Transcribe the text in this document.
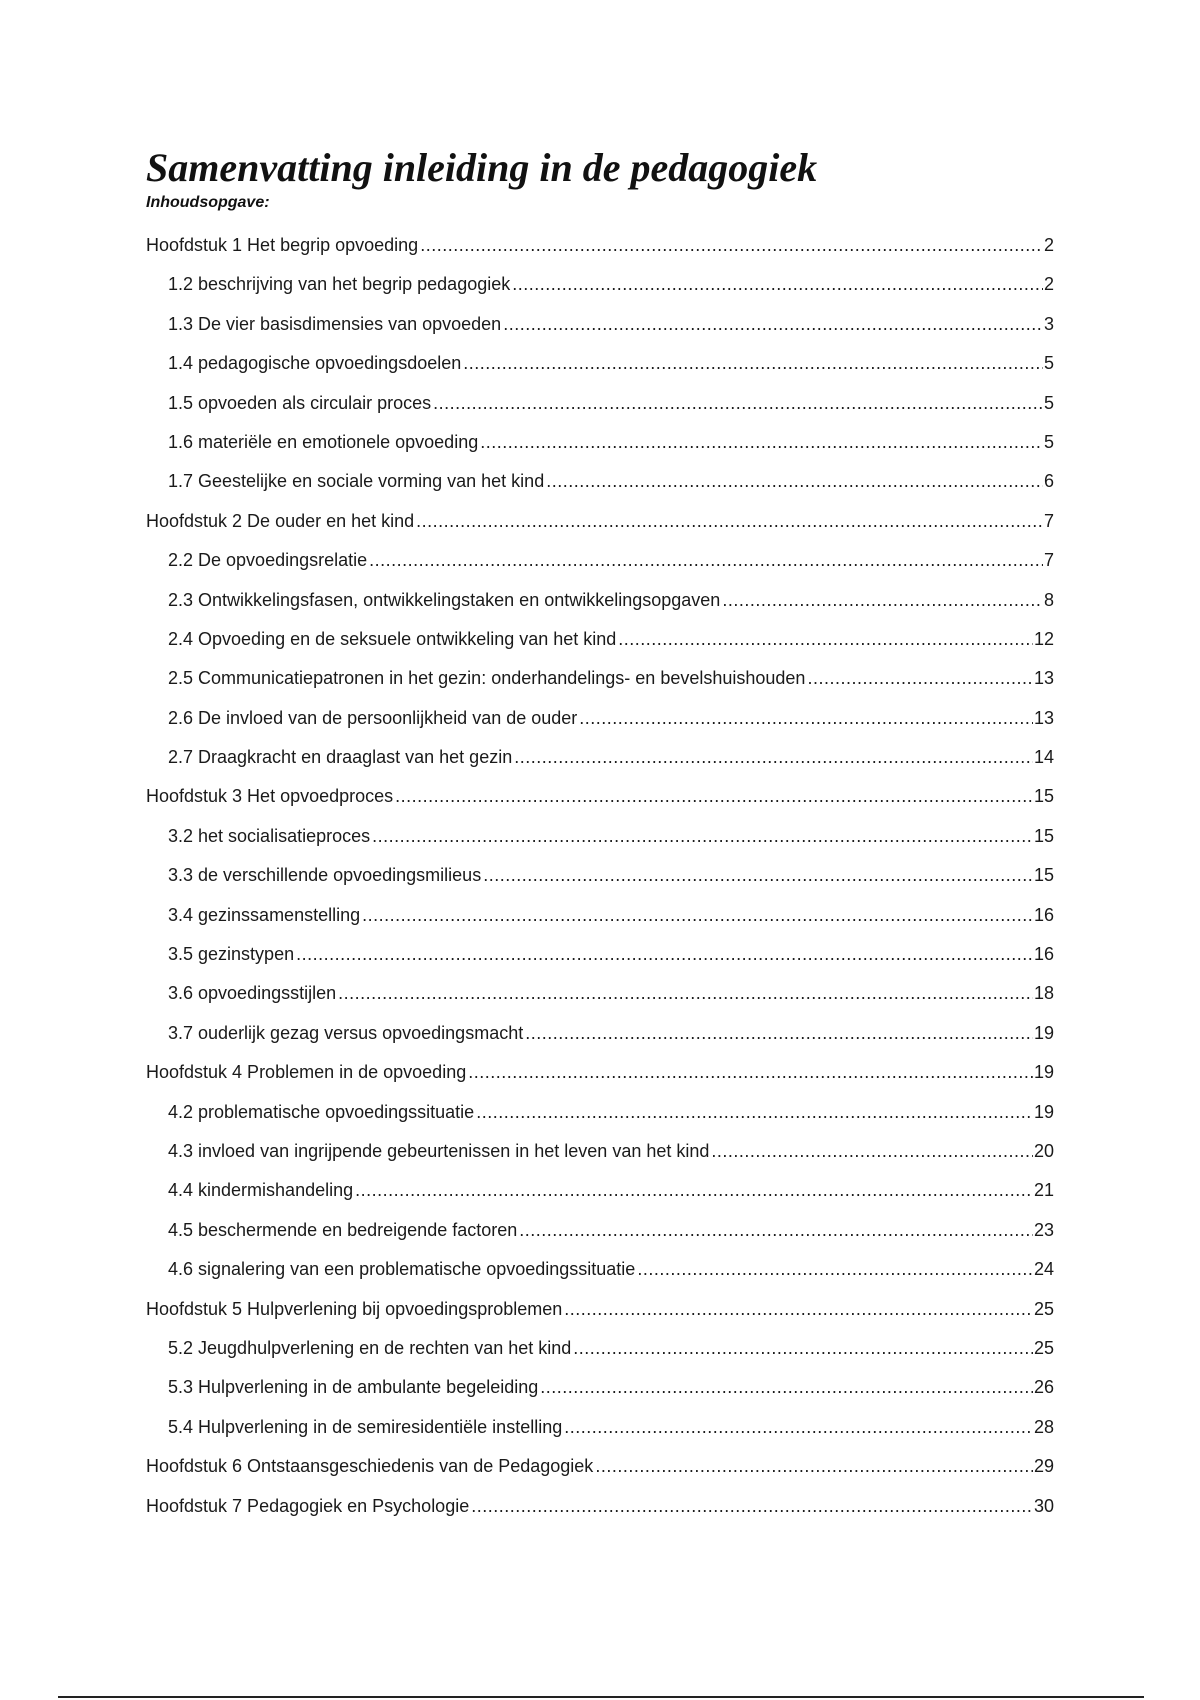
Samenvatting inleiding in de pedagogiek
Inhoudsopgave:
Hoofdstuk 1 Het begrip opvoeding .....	2
1.2 beschrijving van het begrip pedagogiek .....	2
1.3 De vier basisdimensies van opvoeden .....	3
1.4 pedagogische opvoedingsdoelen .....	5
1.5 opvoeden als circulair proces .....	5
1.6 materiële en emotionele opvoeding .....	5
1.7 Geestelijke en sociale vorming van het kind .....	6
Hoofdstuk 2 De ouder en het kind .....	7
2.2 De opvoedingsrelatie .....	7
2.3 Ontwikkelingsfasen, ontwikkelingstaken en ontwikkelingsopgaven .....	8
2.4 Opvoeding en de seksuele ontwikkeling van het kind .....	12
2.5 Communicatiepatronen in het gezin: onderhandelings- en bevelshuishouden .....	13
2.6 De invloed van de persoonlijkheid van de ouder .....	13
2.7 Draagkracht en draaglast van het gezin .....	14
Hoofdstuk 3 Het opvoedproces .....	15
3.2 het socialisatieproces .....	15
3.3 de verschillende opvoedingsmilieus .....	15
3.4 gezinssamenstelling .....	16
3.5 gezinstypen .....	16
3.6 opvoedingsstijlen .....	18
3.7 ouderlijk gezag versus opvoedingsmacht .....	19
Hoofdstuk 4 Problemen in de opvoeding .....	19
4.2 problematische opvoedingssituatie .....	19
4.3 invloed van ingrijpende gebeurtenissen in het leven van het kind .....	20
4.4 kindermishandeling .....	21
4.5 beschermende en bedreigende factoren .....	23
4.6 signalering van een problematische opvoedingssituatie .....	24
Hoofdstuk 5 Hulpverlening bij opvoedingsproblemen .....	25
5.2 Jeugdhulpverlening en de rechten van het kind .....	25
5.3 Hulpverlening in de ambulante begeleiding .....	26
5.4 Hulpverlening in de semiresidentiële instelling .....	28
Hoofdstuk 6 Ontstaansgeschiedenis van de Pedagogiek .....	29
Hoofdstuk 7 Pedagogiek en Psychologie .....	30
